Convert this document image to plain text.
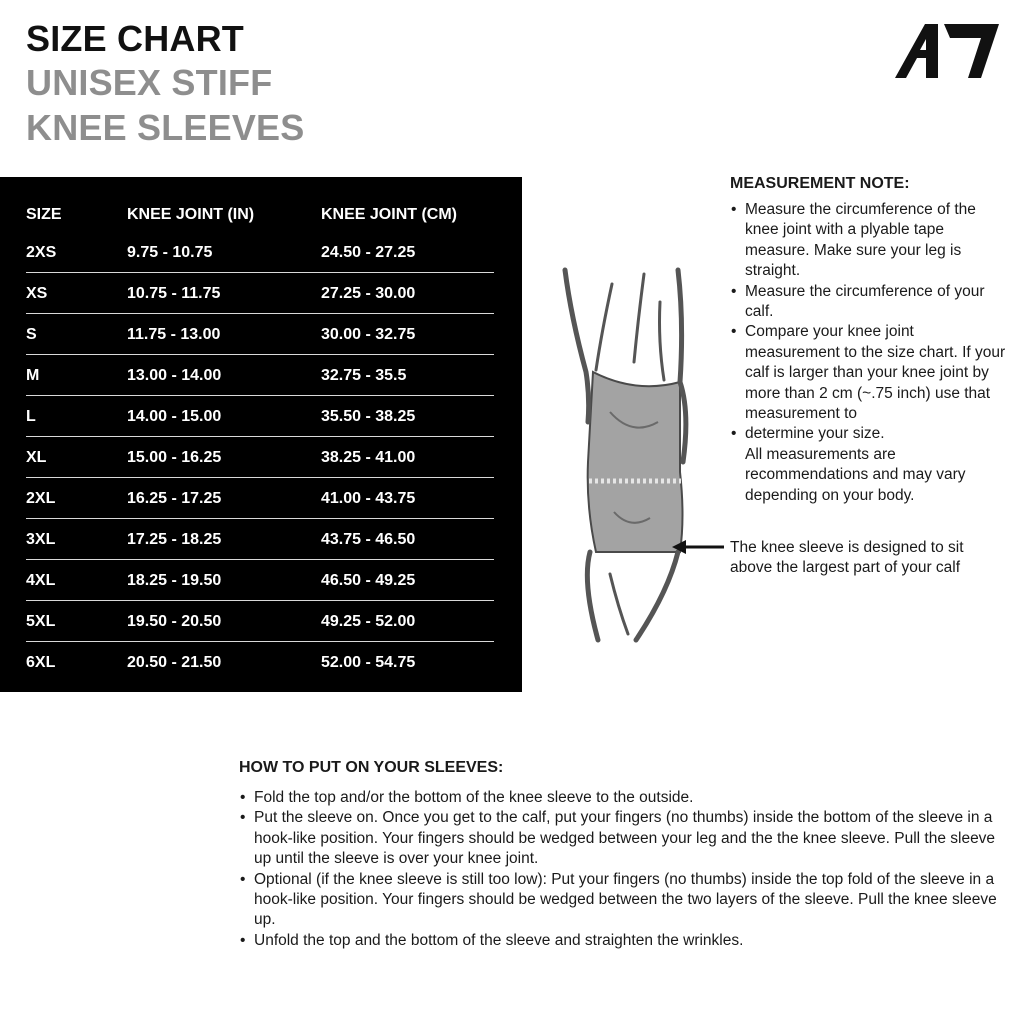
SIZE CHART
UNISEX STIFF
KNEE SLEEVES
SIZE	KNEE JOINT (IN)	KNEE JOINT (CM)
2XS	9.75 - 10.75	24.50 - 27.25
XS	10.75 - 11.75	27.25 - 30.00
S	11.75 - 13.00	30.00 - 32.75
M	13.00 - 14.00	32.75 - 35.5
L	14.00 - 15.00	35.50 - 38.25
XL	15.00 - 16.25	38.25 - 41.00
2XL	16.25 - 17.25	41.00 - 43.75
3XL	17.25 - 18.25	43.75 - 46.50
4XL	18.25 - 19.50	46.50 - 49.25
5XL	19.50 - 20.50	49.25 - 52.00
6XL	20.50 - 21.50	52.00 - 54.75
MEASUREMENT NOTE:
• Measure the circumference of the knee joint with a plyable tape measure. Make sure your leg is straight.
• Measure the circumference of your calf.
• Compare your knee joint measurement to the size chart. If your calf is larger than your knee joint by more than 2 cm (~.75 inch) use that measurement to
• determine your size.
All measurements are recommendations and may vary depending on your body.
The knee sleeve is designed to sit above the largest part of your calf
HOW TO PUT ON YOUR SLEEVES:
• Fold the top and/or the bottom of the knee sleeve to the outside.
• Put the sleeve on. Once you get to the calf, put your fingers (no thumbs) inside the bottom of the sleeve in a hook-like position. Your fingers should be wedged between your leg and the the knee sleeve. Pull the sleeve up until the sleeve is over your knee joint.
• Optional (if the knee sleeve is still too low): Put your fingers (no thumbs) inside the top fold of the sleeve in a hook-like position. Your fingers should be wedged between the two layers of the sleeve. Pull the knee sleeve up.
• Unfold the top and the bottom of the sleeve and straighten the wrinkles.
